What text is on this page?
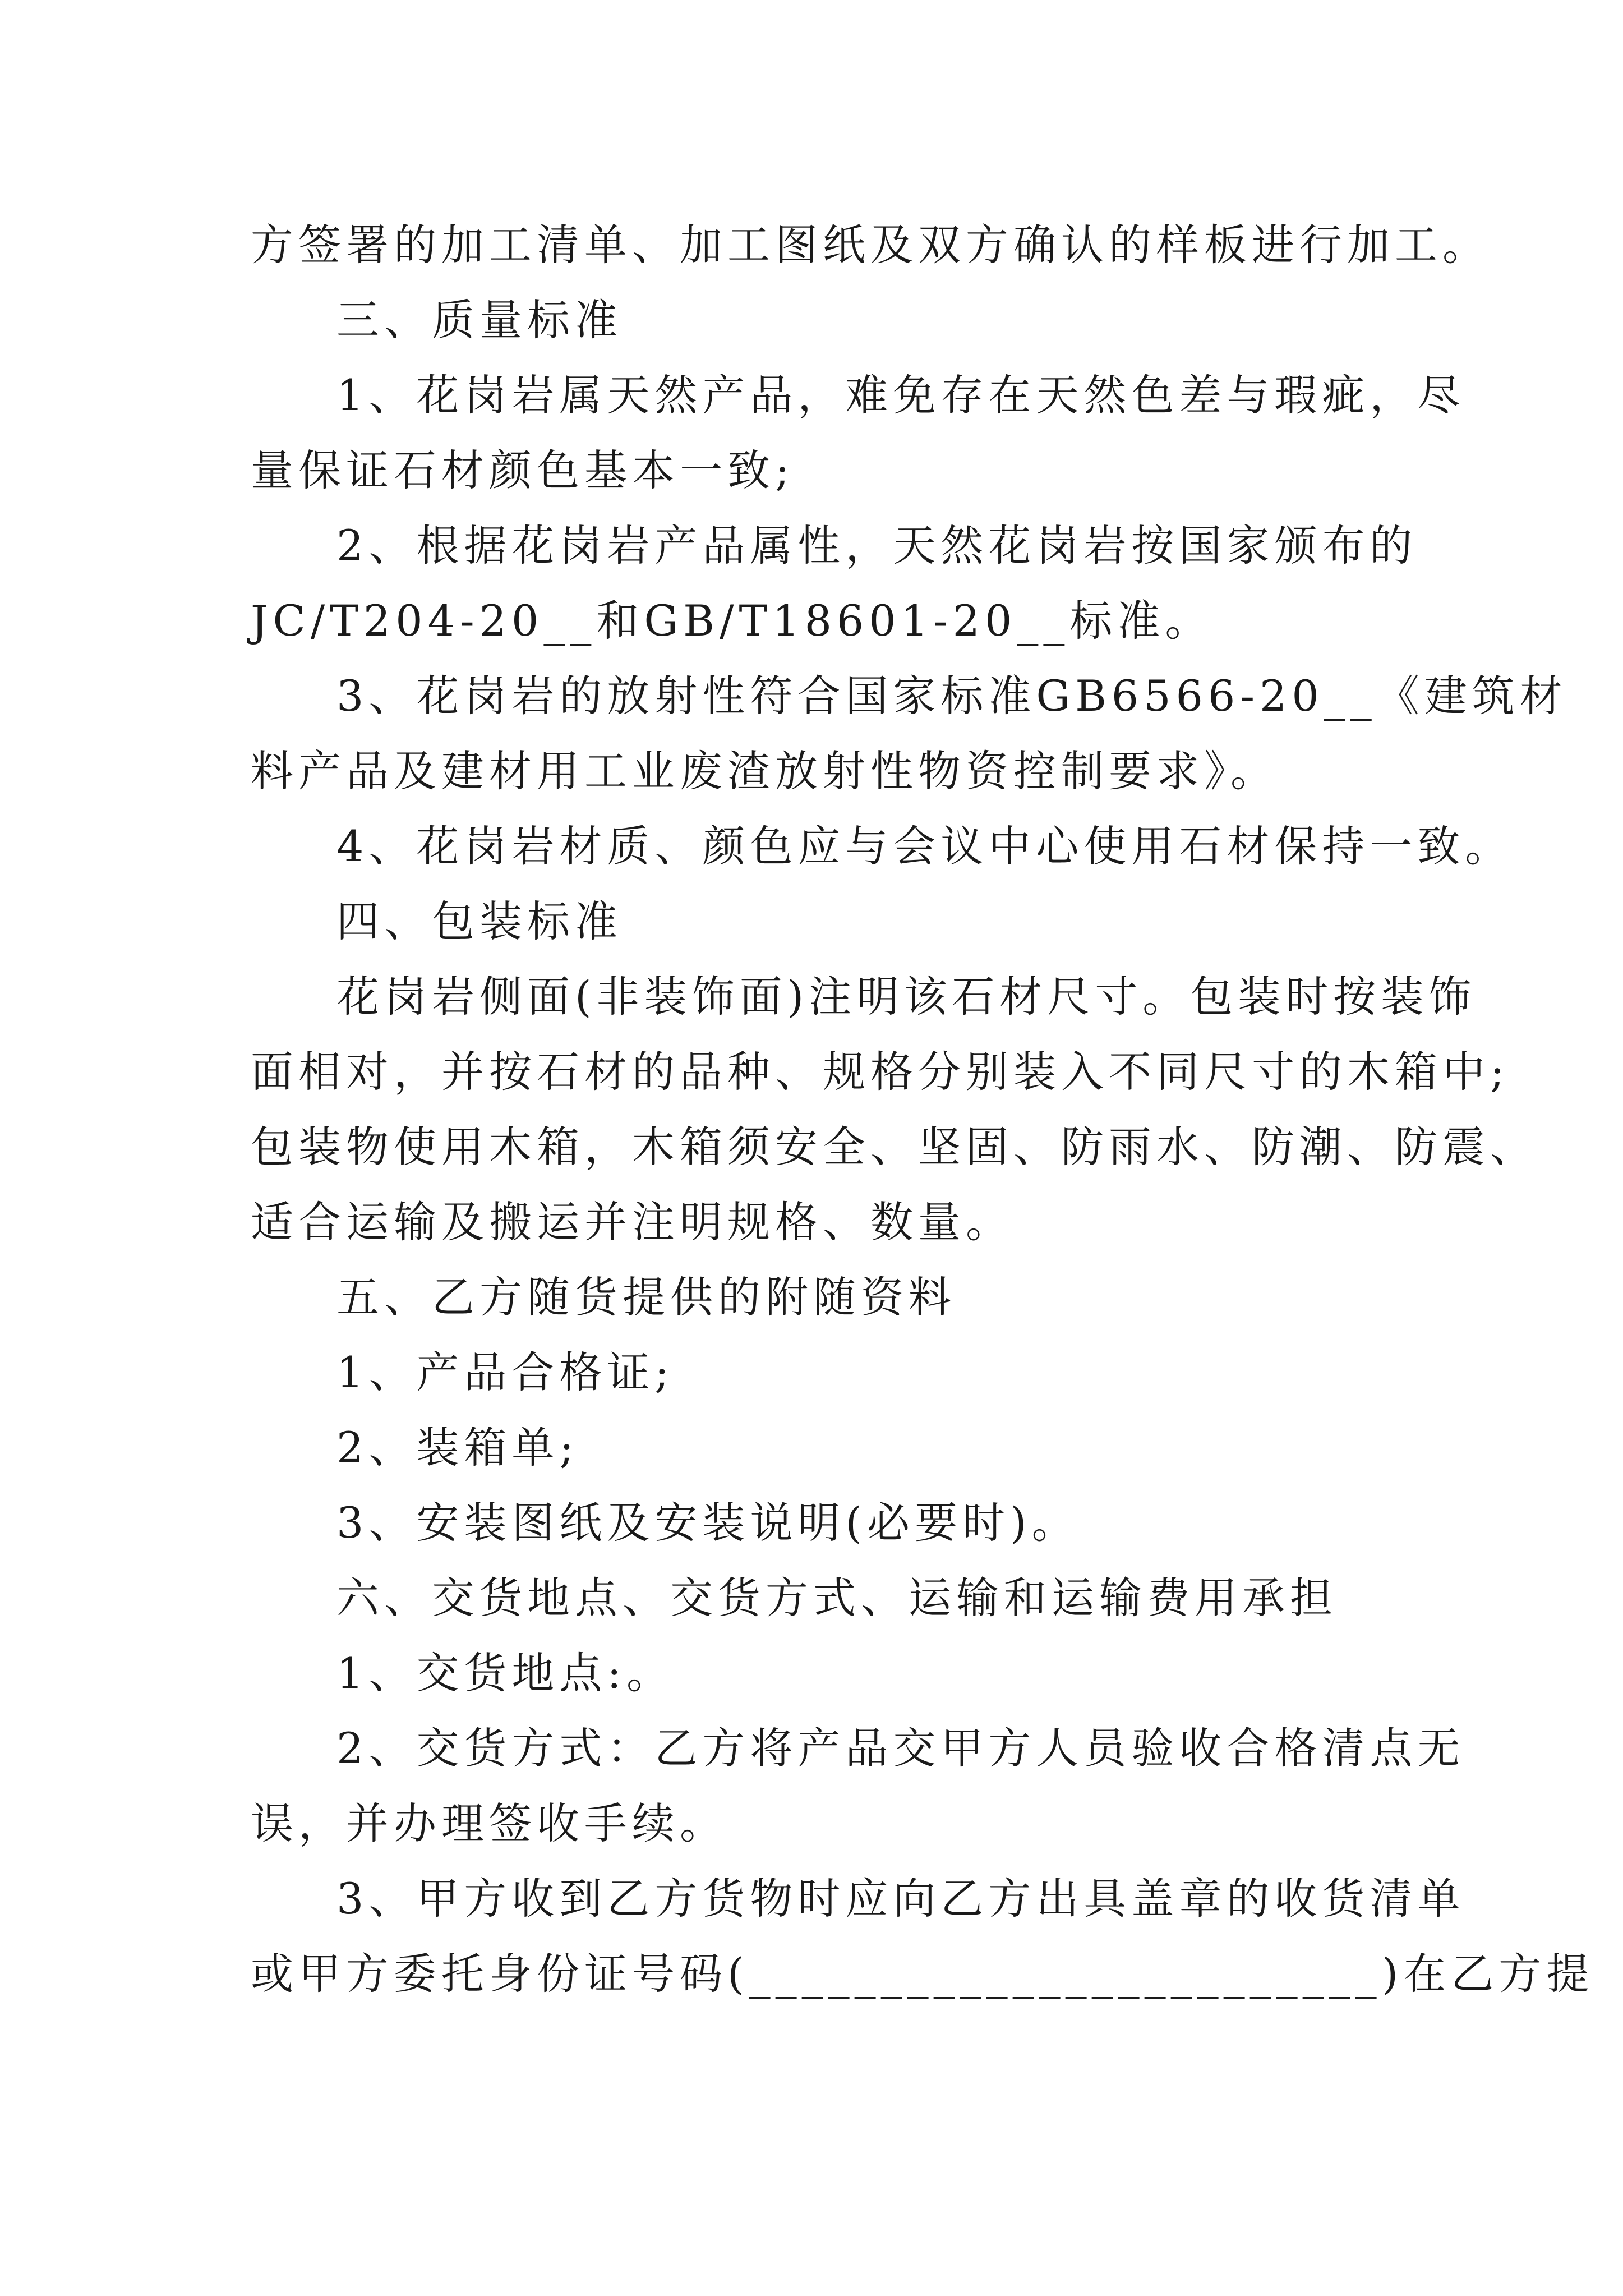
方签署的加工清单、加工图纸及双方确认的样板进行加工。
三、质量标准
1、花岗岩属天然产品，难免存在天然色差与瑕疵，尽
量保证石材颜色基本一致;
2、根据花岗岩产品属性，天然花岗岩按国家颁布的
JC/T204-20__和GB/T18601-20__标准。
3、花岗岩的放射性符合国家标准GB6566-20__《建筑材
料产品及建材用工业废渣放射性物资控制要求》。
4、花岗岩材质、颜色应与会议中心使用石材保持一致。
四、包装标准
花岗岩侧面(非装饰面)注明该石材尺寸。包装时按装饰
面相对，并按石材的品种、规格分别装入不同尺寸的木箱中;
包装物使用木箱，木箱须安全、坚固、防雨水、防潮、防震、
适合运输及搬运并注明规格、数量。
五、乙方随货提供的附随资料
1、产品合格证;
2、装箱单;
3、安装图纸及安装说明(必要时)。
六、交货地点、交货方式、运输和运输费用承担
1、交货地点:。
2、交货方式：乙方将产品交甲方人员验收合格清点无
误，并办理签收手续。
3、甲方收到乙方货物时应向乙方出具盖章的收货清单
或甲方委托身份证号码(________________________)在乙方提
